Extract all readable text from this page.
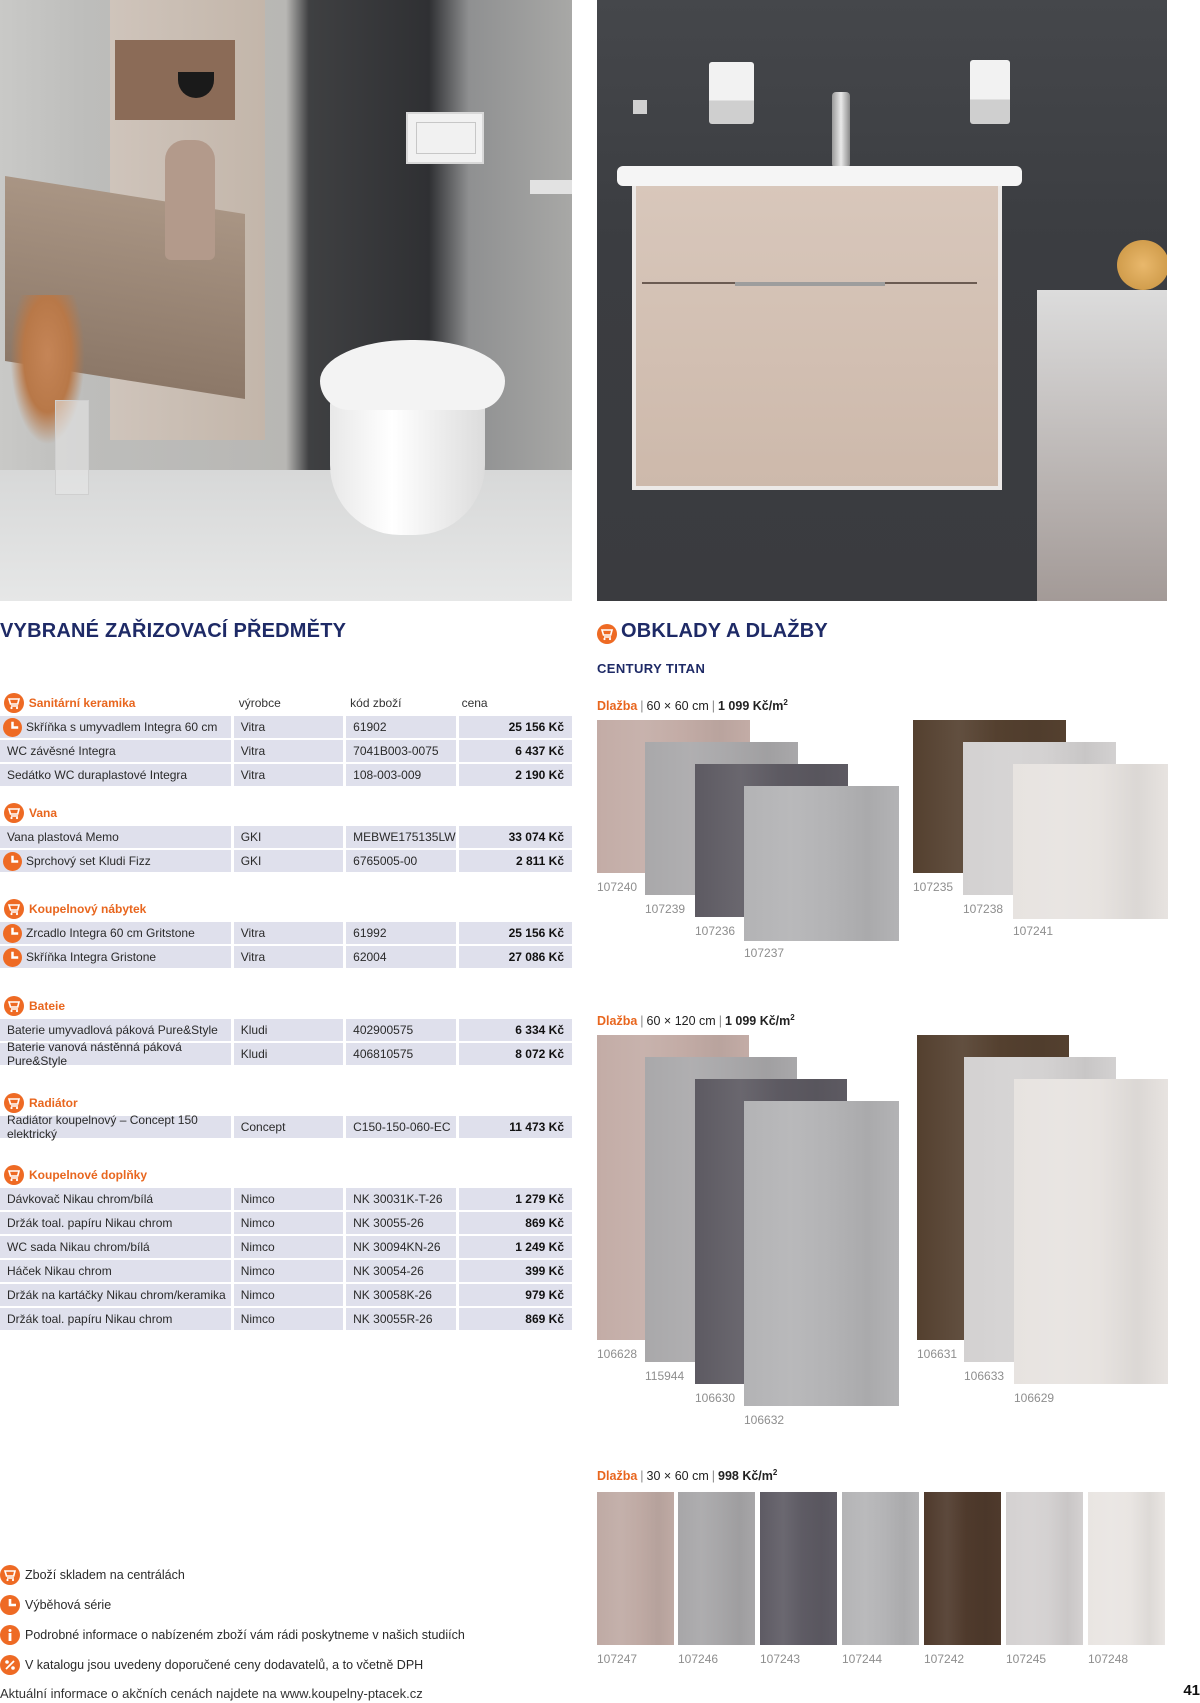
VYBRANÉ ZAŘIZOVACÍ PŘEDMĚTY	OBKLADY A DLAŽBY
CENTURY TITAN
Sanitární keramika	výrobce	kód zboží	cena
Skříňka s umyvadlem Integra 60 cm	Vitra	61902	25 156 Kč
WC závěsné Integra	Vitra	7041B003-0075	6 437 Kč
Sedátko WC duraplastové Integra	Vitra	108-003-009	2 190 Kč
Vana
Vana plastová Memo	GKI	MEBWE175135LW	33 074 Kč
Sprchový set Kludi Fizz	GKI	6765005-00	2 811 Kč
Koupelnový nábytek
Zrcadlo Integra 60 cm Gritstone	Vitra	61992	25 156 Kč
Skříňka Integra Gristone	Vitra	62004	27 086 Kč
Bateie
Baterie umyvadlová páková Pure&Style	Kludi	402900575	6 334 Kč
Baterie vanová nástěnná páková Pure&Style	Kludi	406810575	8 072 Kč
Radiátor
Radiátor koupelnový – Concept 150 elektrický	Concept	C150-150-060-EC	11 473 Kč
Koupelnové doplňky
Dávkovač Nikau chrom/bílá	Nimco	NK 30031K-T-26	1 279 Kč
Držák toal. papíru Nikau chrom	Nimco	NK 30055-26	869 Kč
WC sada Nikau chrom/bílá	Nimco	NK 30094KN-26	1 249 Kč
Háček Nikau chrom	Nimco	NK 30054-26	399 Kč
Držák na kartáčky Nikau chrom/keramika	Nimco	NK 30058K-26	979 Kč
Držák toal. papíru Nikau chrom	Nimco	NK 30055R-26	869 Kč
Dlažba | 60 × 60 cm | 1 099 $Kč/m^2$
107240
107239
107236
107237
107235
107238
107241
Dlažba | 60 × 120 cm | 1 099 $Kč/m^2$
106628
115944
106630
106632
106631
106633
106629
Dlažba | 30 × 60 cm | 998 $Kč/m^2$
107247	107246	107243	107244	107242	107245	107248
Zboží skladem na centrálách
Výběhová série
Podrobné informace o nabízeném zboží vám rádi poskytneme v našich studiích
V katalogu jsou uvedeny doporučené ceny dodavatelů, a to včetně DPH
Aktuální informace o akčních cenách najdete na www.koupelny-ptacek.cz	41
